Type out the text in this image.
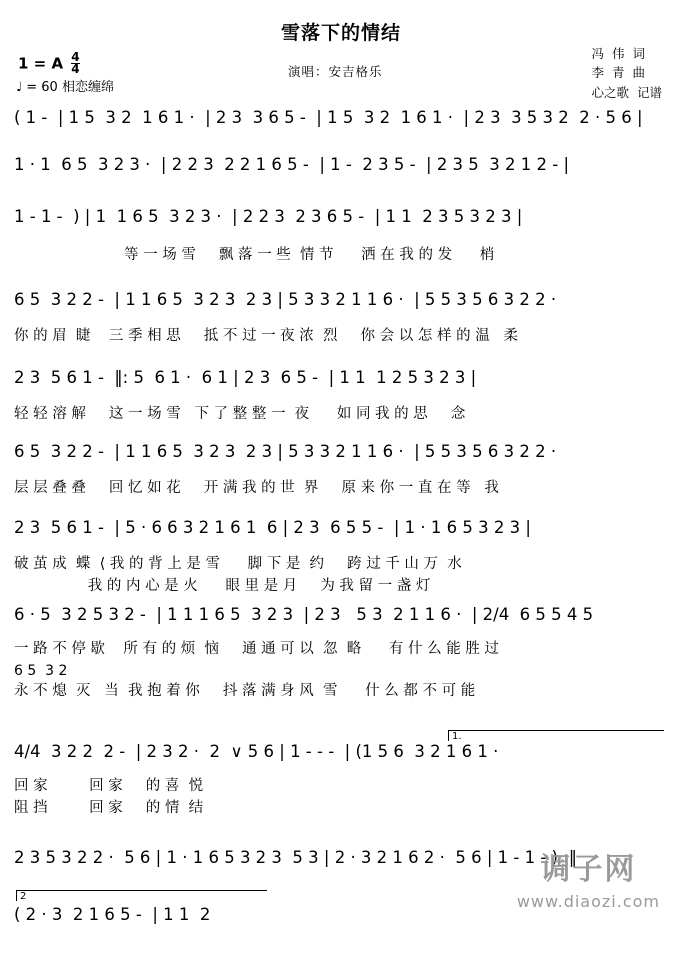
雪落下的情结
1 = A $\frac{4}{4}$
♩ = 60 相恋缠绵
演唱：安吉格乐
冯  伟  词
李  青  曲
心之歌  记谱
( 1 -  | 1 5  3 2  1 6 1 ·  | 2 3  3 6 5 -  | 1 5  3 2  1 6 1 ·  | 2 3  3 5 3 2  2 · 5 6 |
1 · 1  6 5  3 2 3 ·  | 2 2 3  2 2 1 6 5 -  | 1 -  2 3 5 -  | 2 3 5  3 2 1 2 - |
1 - 1 -  ) | 1  1 6 5  3 2 3 ·  | 2 2 3  2 3 6 5 -  | 1 1  2 3 5 3 2 3 |
等 一 场 雪     飘 落 一 些  情 节      洒 在 我 的 发      梢
6 5  3 2 2 -  | 1 1 6 5  3 2 3  2 3 | 5 3 3 2 1 1 6 ·  | 5 5 3 5 6 3 2 2 ·
你 的 眉  睫    三 季 相 思     抵 不 过 一 夜 浓  烈     你 会 以 怎 样 的 温   柔
2 3  5 6 1 -  ‖: 5  6 1 ·  6 1 | 2 3  6 5 -  | 1 1  1 2 5 3 2 3 |
轻 轻 溶 解     这 一 场 雪   下 了 整 整 一  夜      如 同 我 的 思     念
6 5  3 2 2 -  | 1 1 6 5  3 2 3  2 3 | 5 3 3 2 1 1 6 ·  | 5 5 3 5 6 3 2 2 ·
层 层 叠 叠     回 忆 如 花     开 满 我 的 世  界     原 来 你 一 直 在 等   我
2 3  5 6 1 -  | 5 · 6 6 3 2 1 6 1  6 | 2 3  6 5 5 -  | 1 · 1 6 5 3 2 3 |
破 茧 成  蝶  ⟨ 我 的 背 上 是 雪      脚 下 是  约     跨 过 千 山 万  水
我 的 内 心 是 火      眼 里 是 月     为 我 留 一 盏 灯
6 · 5  3 2 5 3 2 -  | 1 1 1 6 5  3 2 3  | 2 3   5 3  2 1 1 6 ·  | 2/4  6 5 5 4 5
一 路 不 停 歇    所 有 的 烦  恼     通 通 可 以  忽  略      有 什 么 能 胜 过
6 5  3 2
永 不 熄  灭   当  我 抱 着 你     抖 落 满 身 风  雪      什 么 都 不 可 能
4/4  3 2 2  2 -  | 2 3 2 ·  2  ∨ 5 6 | 1 - - -  | (1 5 6  3 2 1 6 1 ·
回 家         回 家     的 喜  悦
阻 挡         回 家     的 情  结
1.
2 3 5 3 2 2 ·  5 6 | 1 · 1 6 5 3 2 3  5 3 | 2 · 3 2 1 6 2 ·  5 6 | 1 - 1 - ) :‖
2
( 2 · 3  2 1 6 5 -  | 1 1  2
调子网
www.diaozi.com
